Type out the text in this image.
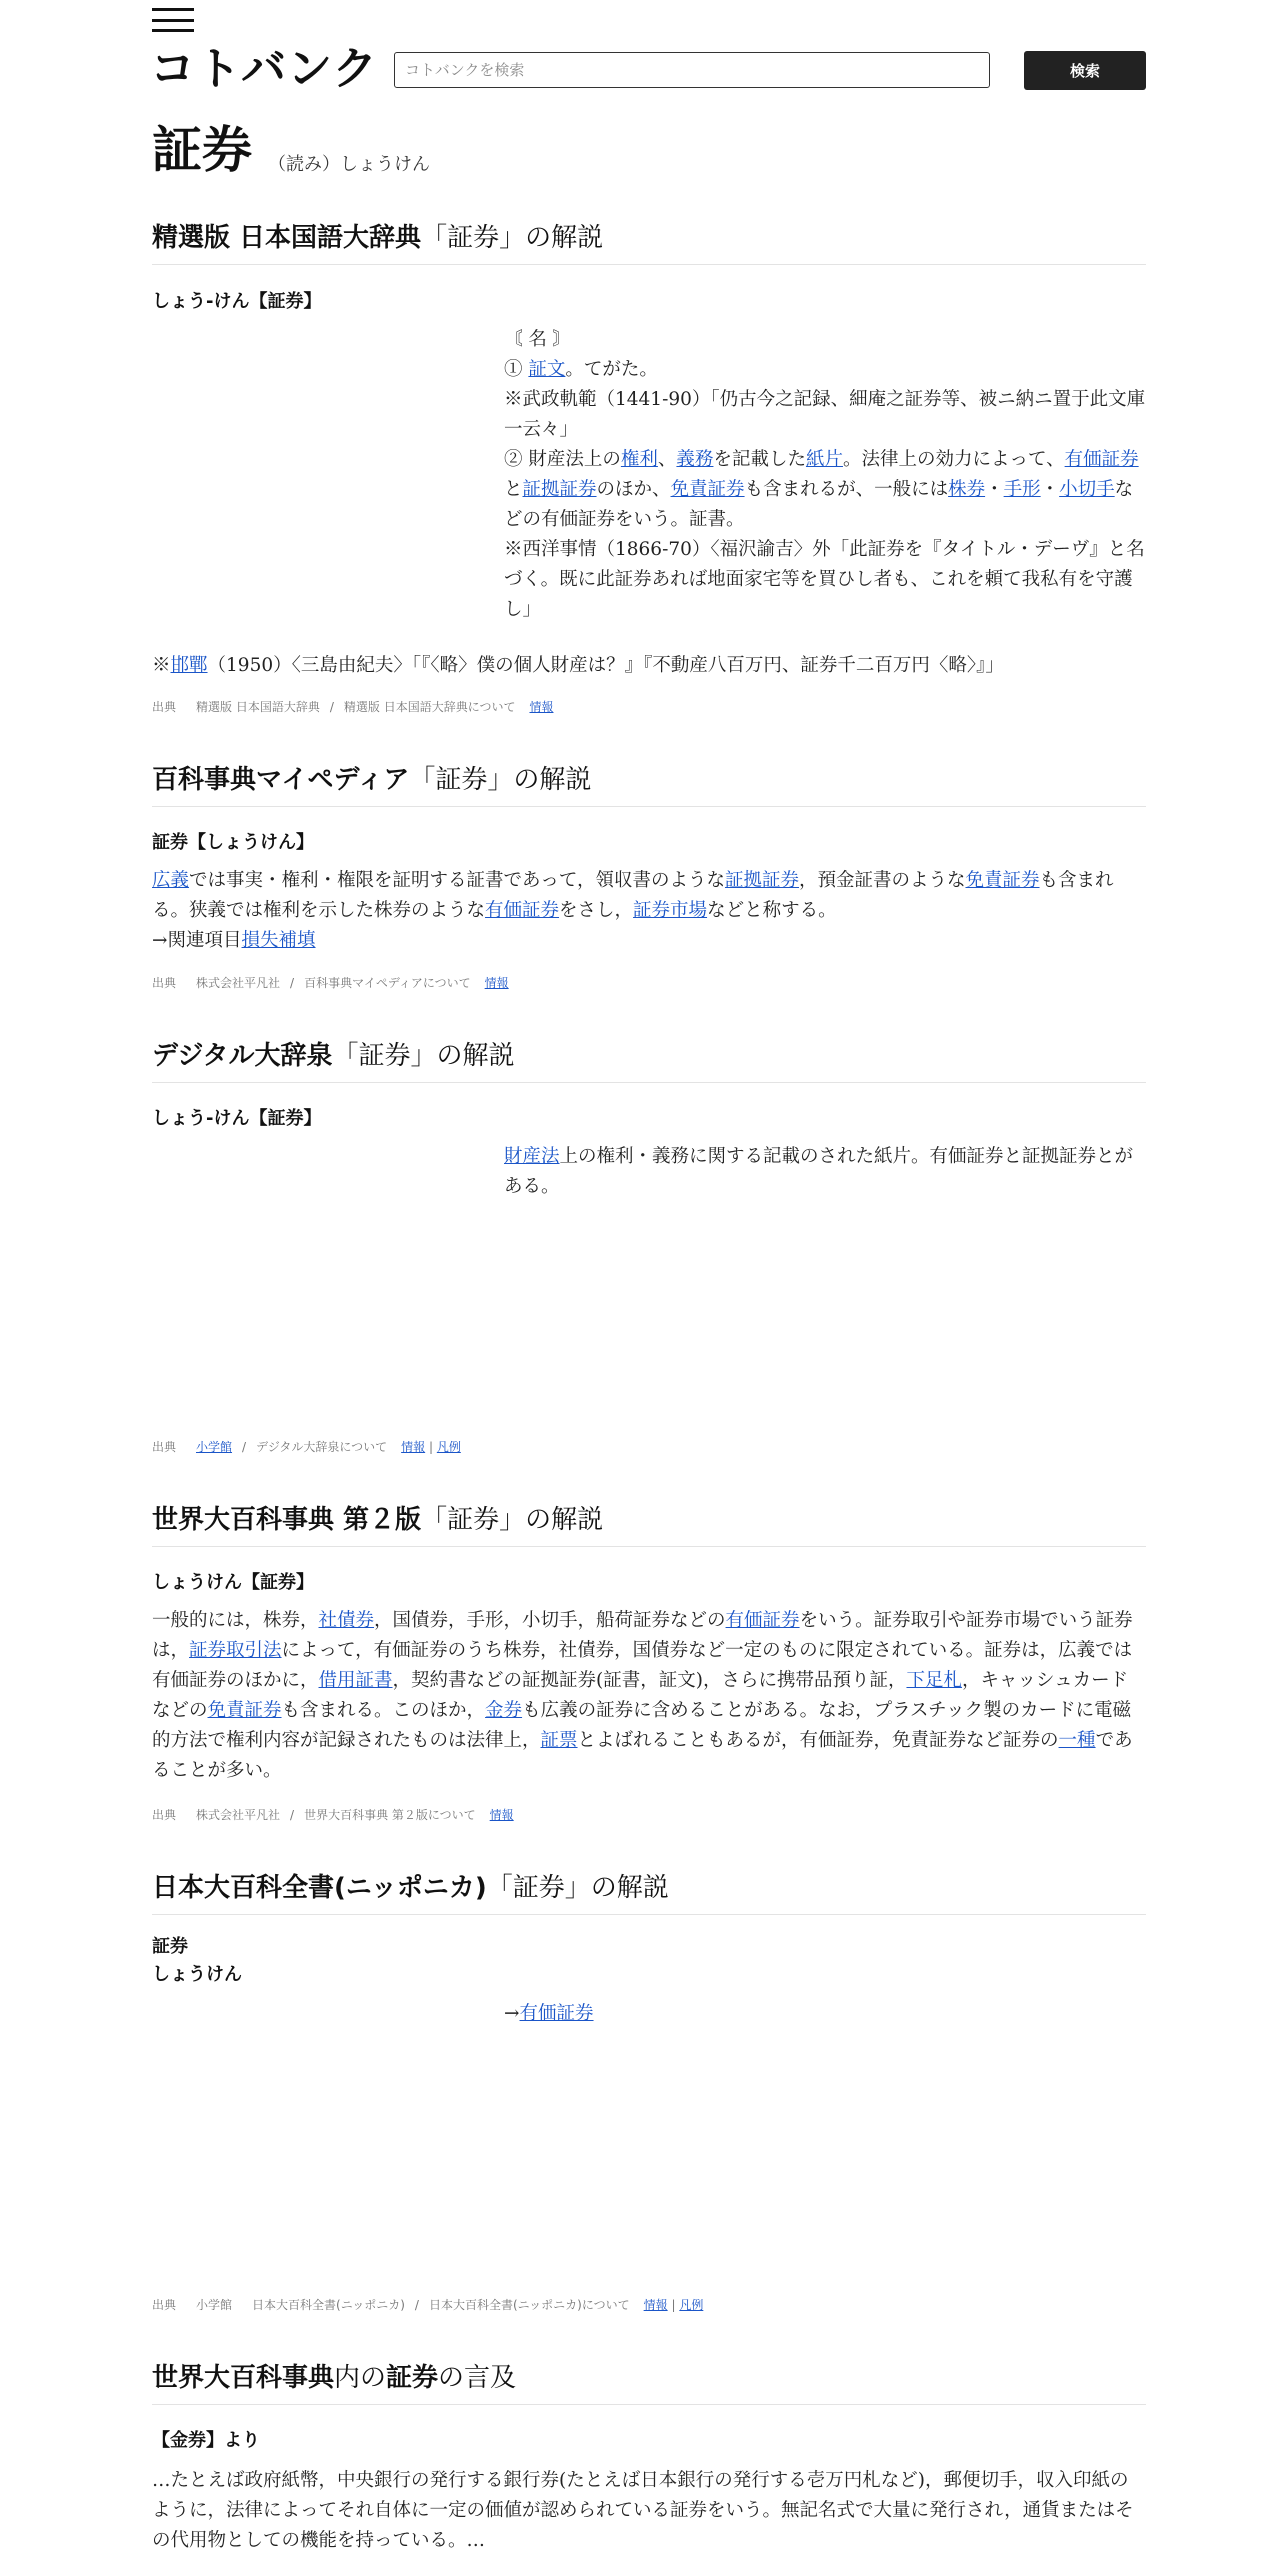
コトバンク
コトバンクを検索	検索
証券 （読み）しょうけん
精選版 日本国語大辞典「証券」の解説
しょう‐けん【証券】
〘 名 〙
① 証文。てがた。
※武政軌範（1441‐90）「仍古今之記録、細庵之証券等、被ニ納ニ置于此文庫一云々」
② 財産法上の権利、義務を記載した紙片。法律上の効力によって、有価証券と証拠証券のほか、免責証券も含まれるが、一般には株券・手形・小切手などの有価証券をいう。証書。
※西洋事情（1866‐70）〈福沢諭吉〉外「此証券を『タイトル・デーヴ』と名づく。既に此証券あれば地面家宅等を買ひし者も、これを頼て我私有を守護し」
※邯鄲（1950）〈三島由紀夫〉「『〈略〉僕の個人財産は？』『不動産八百万円、証券千二百万円〈略〉』」
出典 精選版 日本国語大辞典 / 精選版 日本国語大辞典について 情報
百科事典マイペディア「証券」の解説
証券【しょうけん】
広義では事実・権利・権限を証明する証書であって，領収書のような証拠証券，預金証書のような免責証券も含まれる。狭義では権利を示した株券のような有価証券をさし，証券市場などと称する。
→関連項目損失補填
出典 株式会社平凡社 / 百科事典マイペディアについて 情報
デジタル大辞泉「証券」の解説
しょう‐けん【証券】
財産法上の権利・義務に関する記載のされた紙片。有価証券と証拠証券とがある。
出典 小学館 / デジタル大辞泉について 情報 | 凡例
世界大百科事典 第２版「証券」の解説
しょうけん【証券】
一般的には，株券，社債券，国債券，手形，小切手，船荷証券などの有価証券をいう。証券取引や証券市場でいう証券は，証券取引法によって，有価証券のうち株券，社債券，国債券など一定のものに限定されている。証券は，広義では有価証券のほかに，借用証書，契約書などの証拠証券(証書，証文)，さらに携帯品預り証，下足札，キャッシュカードなどの免責証券も含まれる。このほか，金券も広義の証券に含めることがある。なお，プラスチック製のカードに電磁的方法で権利内容が記録されたものは法律上，証票とよばれることもあるが，有価証券，免責証券など証券の一種であることが多い。
出典 株式会社平凡社 / 世界大百科事典 第２版について 情報
日本大百科全書(ニッポニカ)「証券」の解説
証券
しょうけん
→有価証券
出典 小学館 日本大百科全書(ニッポニカ) / 日本大百科全書(ニッポニカ)について 情報 | 凡例
世界大百科事典内の証券の言及
【金券】より
…たとえば政府紙幣，中央銀行の発行する銀行券(たとえば日本銀行の発行する壱万円札など)，郵便切手，収入印紙のように，法律によってそれ自体に一定の価値が認められている証券をいう。無記名式で大量に発行され，通貨またはその代用物としての機能を持っている。…
